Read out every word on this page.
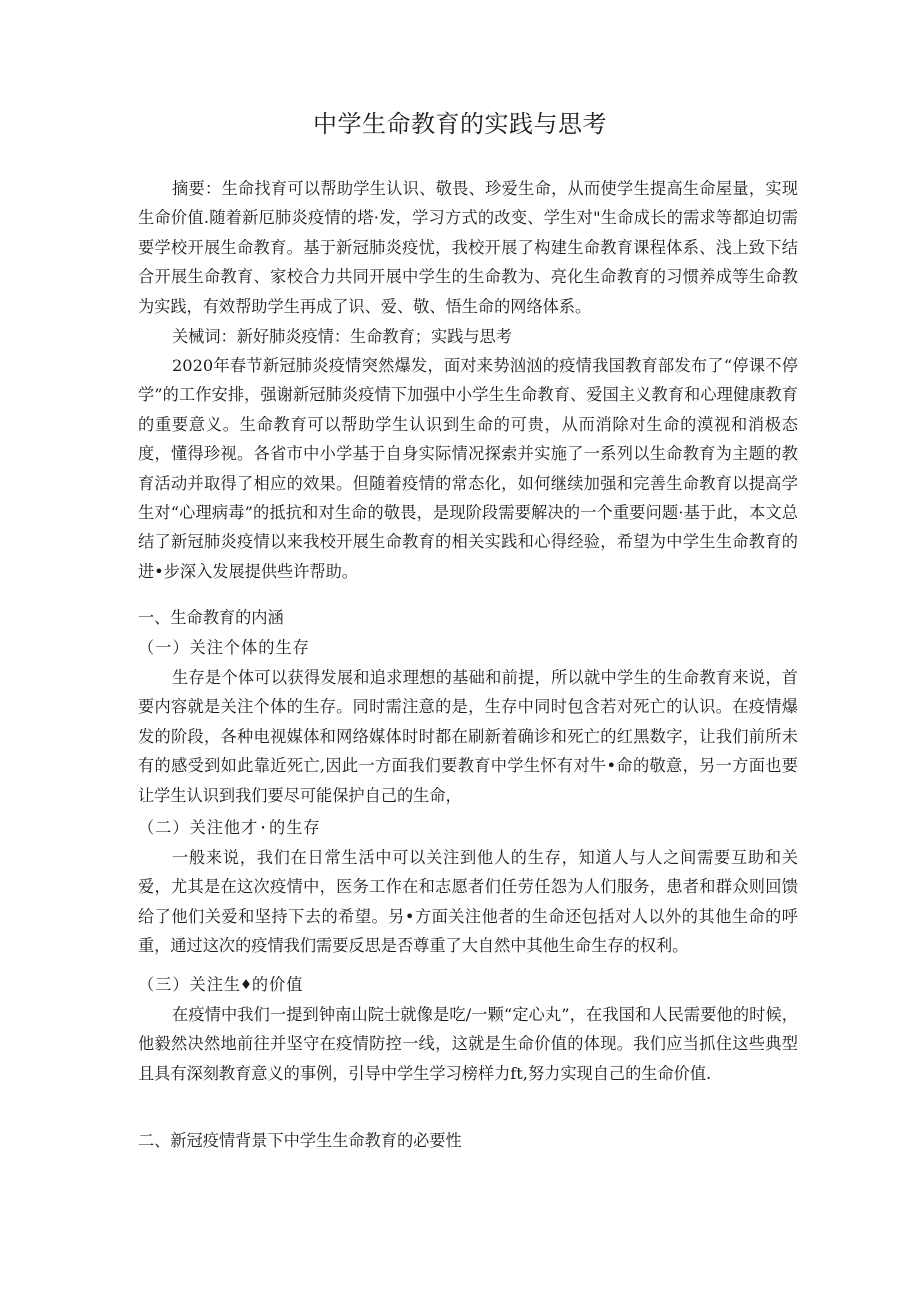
中学生命教育的实践与思考

摘要：生命找育可以帮助学生认识、敬畏、珍爱生命，从而使学生提高生命屋量，实现生命价值.随着新厄肺炎疫情的塔·发，学习方式的改变、学生对"生命成长的需求等都迫切需要学校开展生命教育。基于新冠肺炎疫忧，我校开展了构建生命教育课程体系、浅上致下结合开展生命教育、家校合力共同开展中学生的生命教为、亮化生命教育的习惯养成等生命教为实践，有效帮助学生再成了识、爱、敬、悟生命的网络体系。

关械词：新好肺炎疫情：生命教育；实践与思考

2020年春节新冠肺炎疫情突然爆发，面对来势汹汹的疫情我国教育部发布了“停课不停学”的工作安排，强谢新冠肺炎疫情下加强中小学生生命教育、爱国主义教育和心理健康教育的重要意义。生命教育可以帮助学生认识到生命的可贵，从而消除对生命的漠视和消极态度，懂得珍视。各省市中小学基于自身实际情况探索并实施了一系列以生命教育为主题的教育活动并取得了相应的效果。但随着疫情的常态化，如何继续加强和完善生命教育以提高学生对“心理病毒”的抵抗和对生命的敬畏，是现阶段需要解决的一个重要问题·基于此，本文总结了新冠肺炎疫情以来我校开展生命教育的相关实践和心得经验，希望为中学生生命教育的进•步深入发展提供些许帮助。

一、生命教育的内涵
（一）关注个体的生存

生存是个体可以获得发展和追求理想的基础和前提，所以就中学生的生命教育来说，首要内容就是关注个体的生存。同时需注意的是，生存中同时包含若对死亡的认识。在疫情爆发的阶段，各种电视媒体和网络媒体时时都在刷新着确诊和死亡的红黑数字，让我们前所未有的感受到如此靠近死亡,因此一方面我们要教育中学生怀有对牛•命的敬意，另一方面也要让学生认识到我们要尽可能保护自己的生命，

（二）关注他才·的生存

一般来说，我们在日常生活中可以关注到他人的生存，知道人与人之间需要互助和关爱，尤其是在这次疫情中，医务工作在和志愿者们任劳任怨为人们服务，患者和群众则回馈给了他们关爱和坚持下去的希望。另•方面关注他者的生命还包括对人以外的其他生命的呼重，通过这次的疫情我们需要反思是否尊重了大自然中其他生命生存的权利。

（三）关注生♦的价值

在疫情中我们一提到钟南山院士就像是吃/一颗“定心丸”，在我国和人民需要他的时候，他毅然决然地前往并坚守在疫情防控一线，这就是生命价值的体现。我们应当抓住这些典型且具有深刻教育意义的事例，引导中学生学习榜样力ft,努力实现自己的生命价值.

二、新冠疫情背景下中学生生命教育的必要性
